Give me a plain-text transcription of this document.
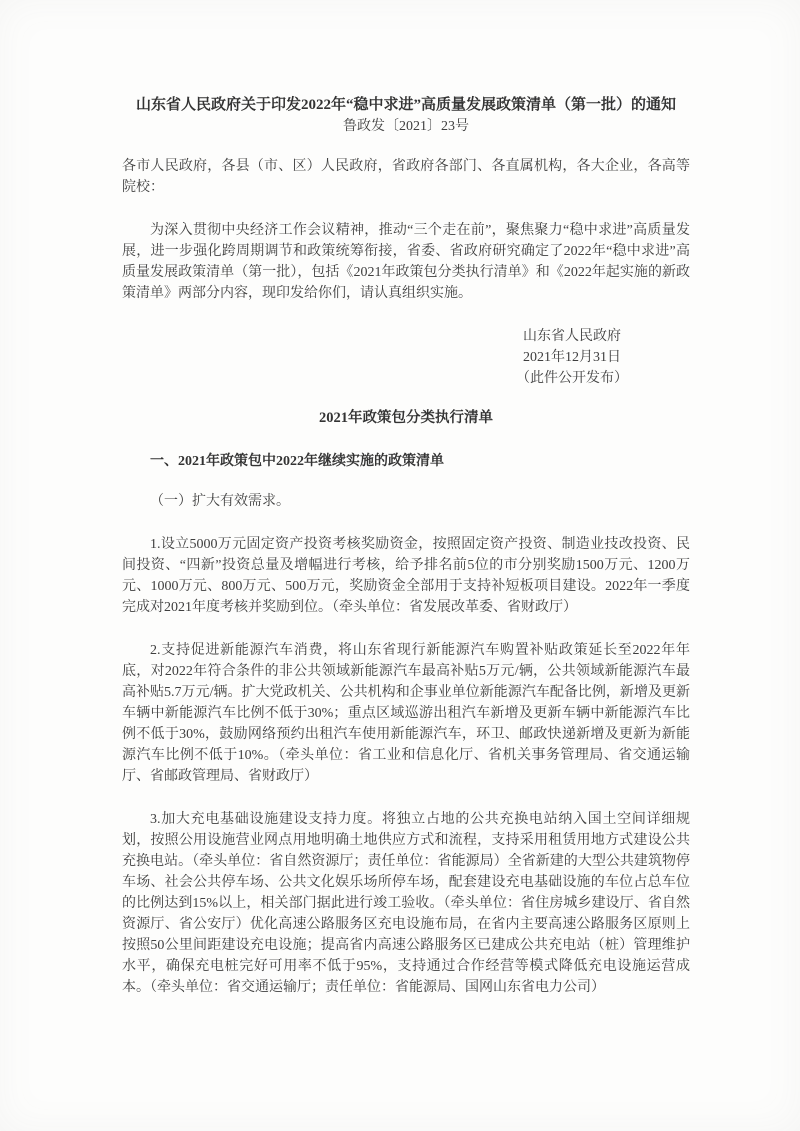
山东省人民政府关于印发2022年“稳中求进”高质量发展政策清单（第一批）的通知
鲁政发〔2021〕23号

各市人民政府，各县（市、区）人民政府，省政府各部门、各直属机构，各大企业，各高等院校：

为深入贯彻中央经济工作会议精神，推动“三个走在前”，聚焦聚力“稳中求进”高质量发展，进一步强化跨周期调节和政策统筹衔接，省委、省政府研究确定了2022年“稳中求进”高质量发展政策清单（第一批），包括《2021年政策包分类执行清单》和《2022年起实施的新政策清单》两部分内容，现印发给你们，请认真组织实施。

山东省人民政府
2021年12月31日
（此件公开发布）
2021年政策包分类执行清单
一、2021年政策包中2022年继续实施的政策清单

（一）扩大有效需求。

1.设立5000万元固定资产投资考核奖励资金，按照固定资产投资、制造业技改投资、民间投资、“四新”投资总量及增幅进行考核，给予排名前5位的市分别奖励1500万元、1200万元、1000万元、800万元、500万元，奖励资金全部用于支持补短板项目建设。2022年一季度完成对2021年度考核并奖励到位。（牵头单位：省发展改革委、省财政厅）

2.支持促进新能源汽车消费，将山东省现行新能源汽车购置补贴政策延长至2022年年底，对2022年符合条件的非公共领域新能源汽车最高补贴5万元/辆，公共领域新能源汽车最高补贴5.7万元/辆。扩大党政机关、公共机构和企事业单位新能源汽车配备比例，新增及更新车辆中新能源汽车比例不低于30%；重点区域巡游出租汽车新增及更新车辆中新能源汽车比例不低于30%，鼓励网络预约出租汽车使用新能源汽车，环卫、邮政快递新增及更新为新能源汽车比例不低于10%。（牵头单位：省工业和信息化厅、省机关事务管理局、省交通运输厅、省邮政管理局、省财政厅）

3.加大充电基础设施建设支持力度。将独立占地的公共充换电站纳入国土空间详细规划，按照公用设施营业网点用地明确土地供应方式和流程，支持采用租赁用地方式建设公共充换电站。（牵头单位：省自然资源厅；责任单位：省能源局）全省新建的大型公共建筑物停车场、社会公共停车场、公共文化娱乐场所停车场，配套建设充电基础设施的车位占总车位的比例达到15%以上，相关部门据此进行竣工验收。（牵头单位：省住房城乡建设厅、省自然资源厅、省公安厅）优化高速公路服务区充电设施布局，在省内主要高速公路服务区原则上按照50公里间距建设充电设施；提高省内高速公路服务区已建成公共充电站（桩）管理维护水平，确保充电桩完好可用率不低于95%，支持通过合作经营等模式降低充电设施运营成本。（牵头单位：省交通运输厅；责任单位：省能源局、国网山东省电力公司）
